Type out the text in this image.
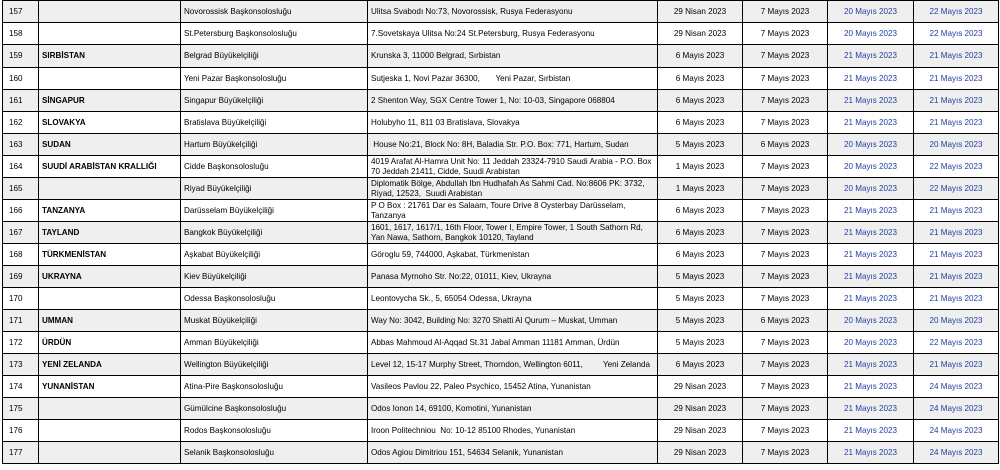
157		Novorossisk Başkonsolosluğu	Ulitsa Svabodı No:73, Novorossisk, Rusya Federasyonu	29 Nisan 2023	7 Mayıs 2023	20 Mayıs 2023	22 Mayıs 2023
158		St.Petersburg Başkonsolosluğu	7.Sovetskaya Ulitsa No:24 St.Petersburg, Rusya Federasyonu	29 Nisan 2023	7 Mayıs 2023	20 Mayıs 2023	22 Mayıs 2023
159	SIRBİSTAN	Belgrad Büyükelçiliği	Krunska 3, 11000 Belgrad, Sırbistan	6 Mayıs 2023	7 Mayıs 2023	21 Mayıs 2023	21 Mayıs 2023
160		Yeni Pazar Başkonsolosluğu	Sutjeska 1, Novi Pazar 36300,       Yeni Pazar, Sırbistan	6 Mayıs 2023	7 Mayıs 2023	21 Mayıs 2023	21 Mayıs 2023
161	SİNGAPUR	Singapur Büyükelçiliği	2 Shenton Way, SGX Centre Tower 1, No: 10-03, Singapore 068804	6 Mayıs 2023	7 Mayıs 2023	21 Mayıs 2023	21 Mayıs 2023
162	SLOVAKYA	Bratislava Büyükelçiliği	Holubyho 11, 811 03 Bratislava, Slovakya	6 Mayıs 2023	7 Mayıs 2023	21 Mayıs 2023	21 Mayıs 2023
163	SUDAN	Hartum Büyükelçiliği	House No:21, Block No: 8H, Baladia Str. P.O. Box: 771, Hartum, Sudan	5 Mayıs 2023	6 Mayıs 2023	20 Mayıs 2023	20 Mayıs 2023
164	SUUDİ ARABİSTAN KRALLIĞI	Cidde Başkonsolosluğu	4019 Arafat Al-Hamra Unit No: 11 Jeddah 23324-7910 Saudi Arabia - P.O. Box 70 Jeddah 21411, Cidde, Suudi Arabistan	1 Mayıs 2023	7 Mayıs 2023	20 Mayıs 2023	22 Mayıs 2023
165		Riyad Büyükelçiliği	Diplomatik Bölge, Abdullah Ibn Hudhafah As Sahmi Cad. No:8606 PK: 3732, Riyad, 12523,  Suudi Arabistan	1 Mayıs 2023	7 Mayıs 2023	20 Mayıs 2023	22 Mayıs 2023
166	TANZANYA	Darüsselam Büyükelçiliği	P O Box : 21761 Dar es Salaam, Toure Drive 8 Oysterbay Darüsselam, Tanzanya	6 Mayıs 2023	7 Mayıs 2023	21 Mayıs 2023	21 Mayıs 2023
167	TAYLAND	Bangkok Büyükelçiliği	1601, 1617, 1617/1, 16th Floor, Tower I, Empire Tower, 1 South Sathorn Rd, Yan Nawa, Sathorn, Bangkok 10120, Tayland	6 Mayıs 2023	7 Mayıs 2023	21 Mayıs 2023	21 Mayıs 2023
168	TÜRKMENİSTAN	Aşkabat Büyükelçiliği	Göroglu 59, 744000, Aşkabat, Türkmenistan	6 Mayıs 2023	7 Mayıs 2023	21 Mayıs 2023	21 Mayıs 2023
169	UKRAYNA	Kiev Büyükelçiliği	Panasa Myrnoho Str. No:22, 01011, Kiev, Ukrayna	5 Mayıs 2023	7 Mayıs 2023	21 Mayıs 2023	21 Mayıs 2023
170		Odessa Başkonsolosluğu	Leontovycha Sk., 5, 65054 Odessa, Ukrayna	5 Mayıs 2023	7 Mayıs 2023	21 Mayıs 2023	21 Mayıs 2023
171	UMMAN	Muskat Büyükelçiliği	Way No: 3042, Building No: 3270 Shatti Al Qurum – Muskat, Umman	5 Mayıs 2023	6 Mayıs 2023	20 Mayıs 2023	20 Mayıs 2023
172	ÜRDÜN	Amman Büyükelçiliği	Abbas Mahmoud Al-Aqqad St.31 Jabal Amman 11181 Amman, Ürdün	5 Mayıs 2023	7 Mayıs 2023	20 Mayıs 2023	22 Mayıs 2023
173	YENİ ZELANDA	Wellington Büyükelçiliği	Level 12, 15-17 Murphy Street, Thorndon, Wellington 6011,         Yeni Zelanda	6 Mayıs 2023	7 Mayıs 2023	21 Mayıs 2023	21 Mayıs 2023
174	YUNANİSTAN	Atina-Pire Başkonsolosluğu	Vasileos Pavlou 22, Paleo Psychico, 15452 Atina, Yunanistan	29 Nisan 2023	7 Mayıs 2023	21 Mayıs 2023	24 Mayıs 2023
175		Gümülcine Başkonsolosluğu	Odos Ionon 14, 69100, Komotini, Yunanistan	29 Nisan 2023	7 Mayıs 2023	21 Mayıs 2023	24 Mayıs 2023
176		Rodos Başkonsolosluğu	Iroon Politechniou  No: 10-12 85100 Rhodes, Yunanistan	29 Nisan 2023	7 Mayıs 2023	21 Mayıs 2023	24 Mayıs 2023
177		Selanik Başkonsolosluğu	Odos Agiou Dimitriou 151, 54634 Selanik, Yunanistan	29 Nisan 2023	7 Mayıs 2023	21 Mayıs 2023	24 Mayıs 2023
